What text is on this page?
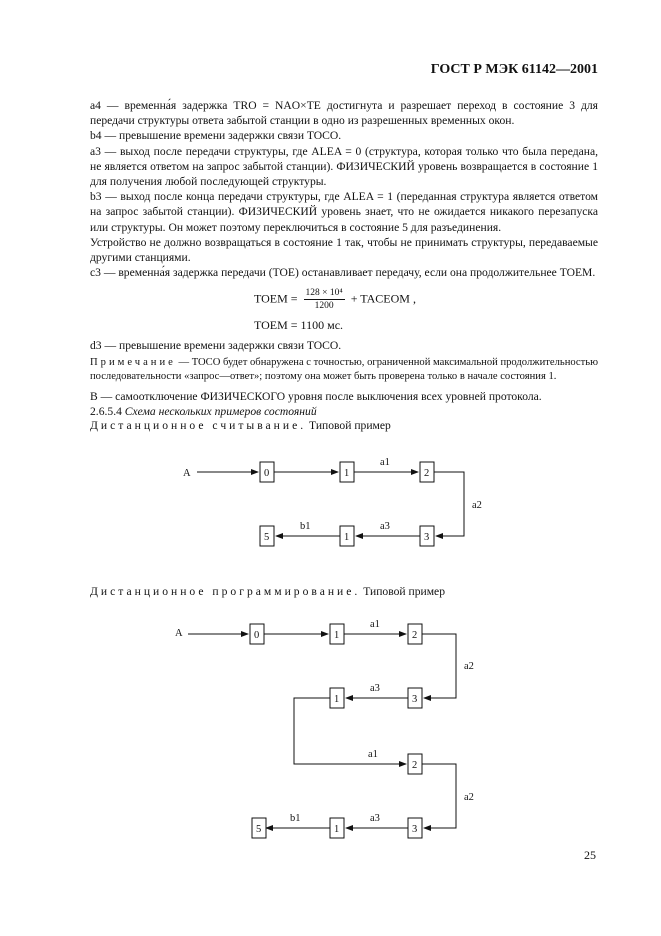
ГОСТ Р МЭК 61142—2001

a4 — временна́я задержка TRO = NAO×TE достигнута и разрешает переход в состояние 3 для передачи структуры ответа забытой станции в одно из разрешенных временных окон.

b4 — превышение времени задержки связи TOCO.

a3 — выход после передачи структуры, где ALEA = 0 (структура, которая только что была передана, не является ответом на запрос забытой станции). ФИЗИЧЕСКИЙ уровень возвращается в состояние 1 для получения любой последующей структуры.

b3 — выход после конца передачи структуры, где ALEA = 1 (переданная структура является ответом на запрос забытой станции). ФИЗИЧЕСКИЙ уровень знает, что не ожидается никакого перезапуска или структуры. Он может поэтому переключиться в состояние 5 для разъединения.

Устройство не должно возвращаться в состояние 1 так, чтобы не принимать структуры, передаваемые другими станциями.

c3 — временна́я задержка передачи (TOE) останавливает передачу, если она продолжительнее TOEM.

TOEM = $\frac{\text{128 × 10⁴}}{1200}$ + TACEOM ,
TOEM = 1100 мс.
d3 — превышение времени задержки связи TOCO.
Примечание — TOCO будет обнаружена с точностью, ограниченной максимальной продолжительностью последовательности «запрос—ответ»; поэтому она может быть проверена только в начале состояния 1.
B — самоотключение ФИЗИЧЕСКОГО уровня после выключения всех уровней протокола.
2.6.5.4 Схема нескольких примеров состояний
Дистанционное считывание. Типовой пример
Дистанционное программирование. Типовой пример
A	0	1
a1
2
a2
3
a3
1
b1
5
A	0	1
a1
2
a2
3
a3
1
a1
2
a2
3
a3
1
b1
5
25
